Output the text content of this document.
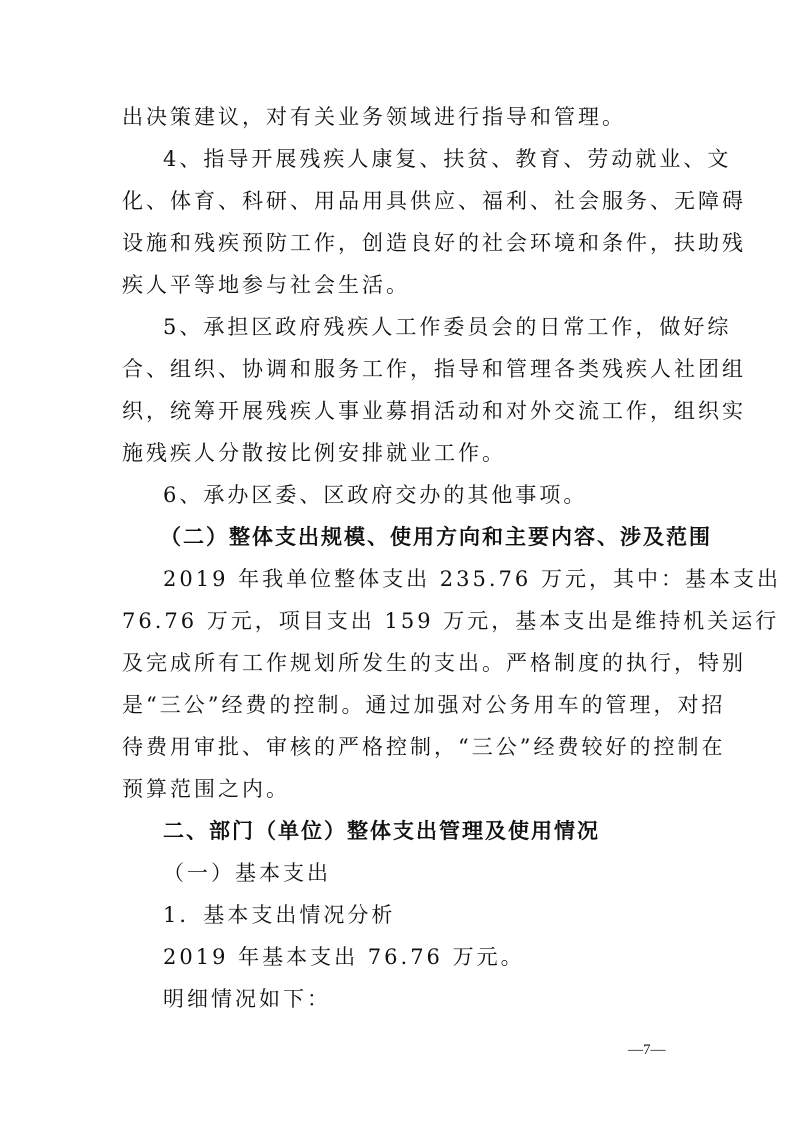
出决策建议，对有关业务领域进行指导和管理。
4、指导开展残疾人康复、扶贫、教育、劳动就业、文
化、体育、科研、用品用具供应、福利、社会服务、无障碍
设施和残疾预防工作，创造良好的社会环境和条件，扶助残
疾人平等地参与社会生活。
5、承担区政府残疾人工作委员会的日常工作，做好综
合、组织、协调和服务工作，指导和管理各类残疾人社团组
织，统筹开展残疾人事业募捐活动和对外交流工作，组织实
施残疾人分散按比例安排就业工作。
6、承办区委、区政府交办的其他事项。
（二）整体支出规模、使用方向和主要内容、涉及范围
2019 年我单位整体支出 235.76 万元，其中：基本支出
76.76 万元，项目支出 159 万元，基本支出是维持机关运行
及完成所有工作规划所发生的支出。严格制度的执行，特别
是“三公”经费的控制。通过加强对公务用车的管理，对招
待费用审批、审核的严格控制，“三公”经费较好的控制在
预算范围之内。
二、部门（单位）整体支出管理及使用情况
（一）基本支出
1．基本支出情况分析
2019 年基本支出 76.76 万元。
明细情况如下：
—7—
